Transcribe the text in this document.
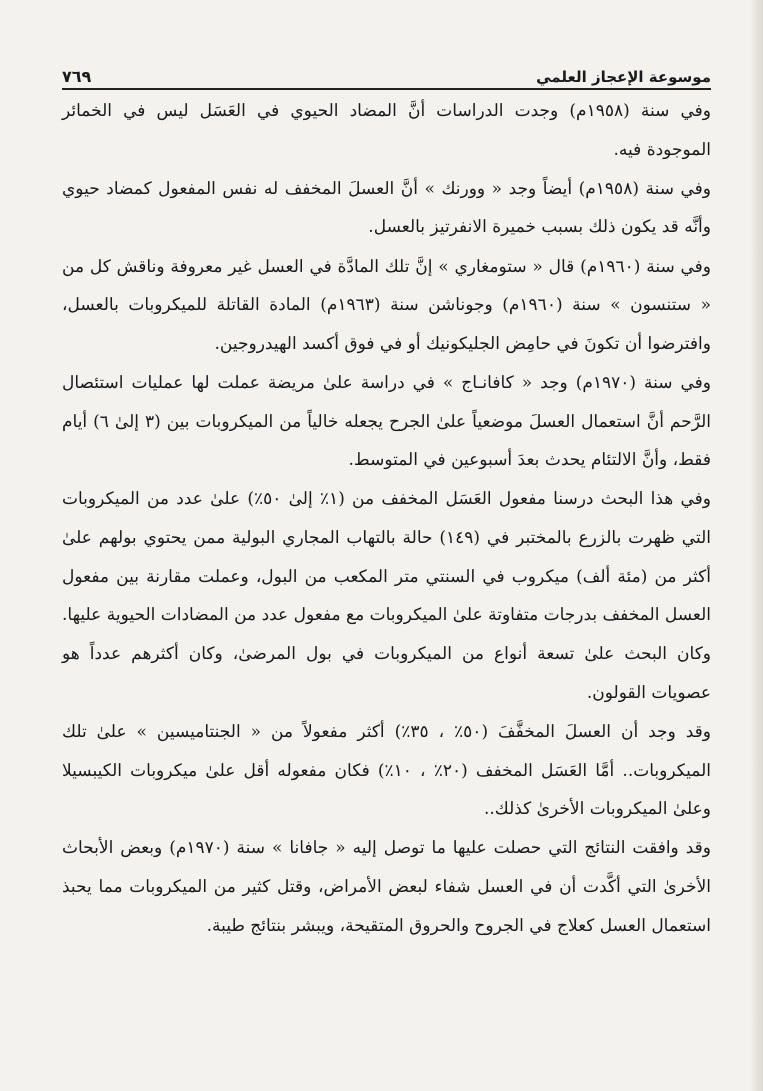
موسوعة الإعجاز العلمي
٧٦٩

وفي سنة (١٩٥٨م) وجدت الدراسات أنَّ المضاد الحيوي في العَسَل ليس في الخمائر الموجودة فيه.

وفي سنة (١٩٥٨م) أيضاً وجد « وورنك » أنَّ العسلَ المخفف له نفس المفعول كمضاد حيوي وأنَّه قد يكون ذلك بسبب خميرة الانفرتيز بالعسل.

وفي سنة (١٩٦٠م) قال « ستومغاري » إنَّ تلك المادَّة في العسل غير معروفة وناقش كل من « ستنسون » سنة (١٩٦٠م) وجوناشن سنة (١٩٦٣م) المادة القاتلة للميكروبات بالعسل، وافترضوا أن تكونَ في حامِض الجليكونيك أو في فوق أكسد الهيدروجين.

وفي سنة (١٩٧٠م) وجد « كافانـاج » في دراسة علىٰ مريضة عملت لها عمليات استئصال الرَّحم أنَّ استعمال العسلَ موضعياً علىٰ الجرح يجعله خالياً من الميكروبات بين (٣ إلىٰ ٦) أيام فقط، وأنَّ الالتئام يحدث بعدَ أسبوعين في المتوسط.

وفي هذا البحث درسنا مفعول العَسَل المخفف من (١٪ إلىٰ ٥٠٪) علىٰ عدد من الميكروبات التي ظهرت بالزرع بالمختبر في (١٤٩) حالة بالتهاب المجاري البولية ممن يحتوي بولهم علىٰ أكثر من (مئة ألف) ميكروب في السنتي متر المكعب من البول، وعملت مقارنة بين مفعول العسل المخفف بدرجات متفاوتة علىٰ الميكروبات مع مفعول عدد من المضادات الحيوية عليها.

وكان البحث علىٰ تسعة أنواع من الميكروبات في بول المرضىٰ، وكان أكثرهم عدداً هو عصويات القولون.

وقد وجد أن العسلَ المخفَّفَ (٥٠٪ ، ٣٥٪) أكثر مفعولاً من « الجنتاميسين » علىٰ تلك الميكروبات.. أمَّا العَسَل المخفف (٢٠٪ ، ١٠٪) فكان مفعوله أقل علىٰ ميكروبات الكيبسيلا وعلىٰ الميكروبات الأخرىٰ كذلك..

وقد وافقت النتائج التي حصلت عليها ما توصل إليه « جافانا » سنة (١٩٧٠م) وبعض الأبحاث الأخرىٰ التي أكَّدت أن في العسل شفاء لبعض الأمراض، وقتل كثير من الميكروبات مما يحبذ استعمال العسل كعلاج في الجروح والحروق المتقيحة، ويبشر بنتائج طيبة.
